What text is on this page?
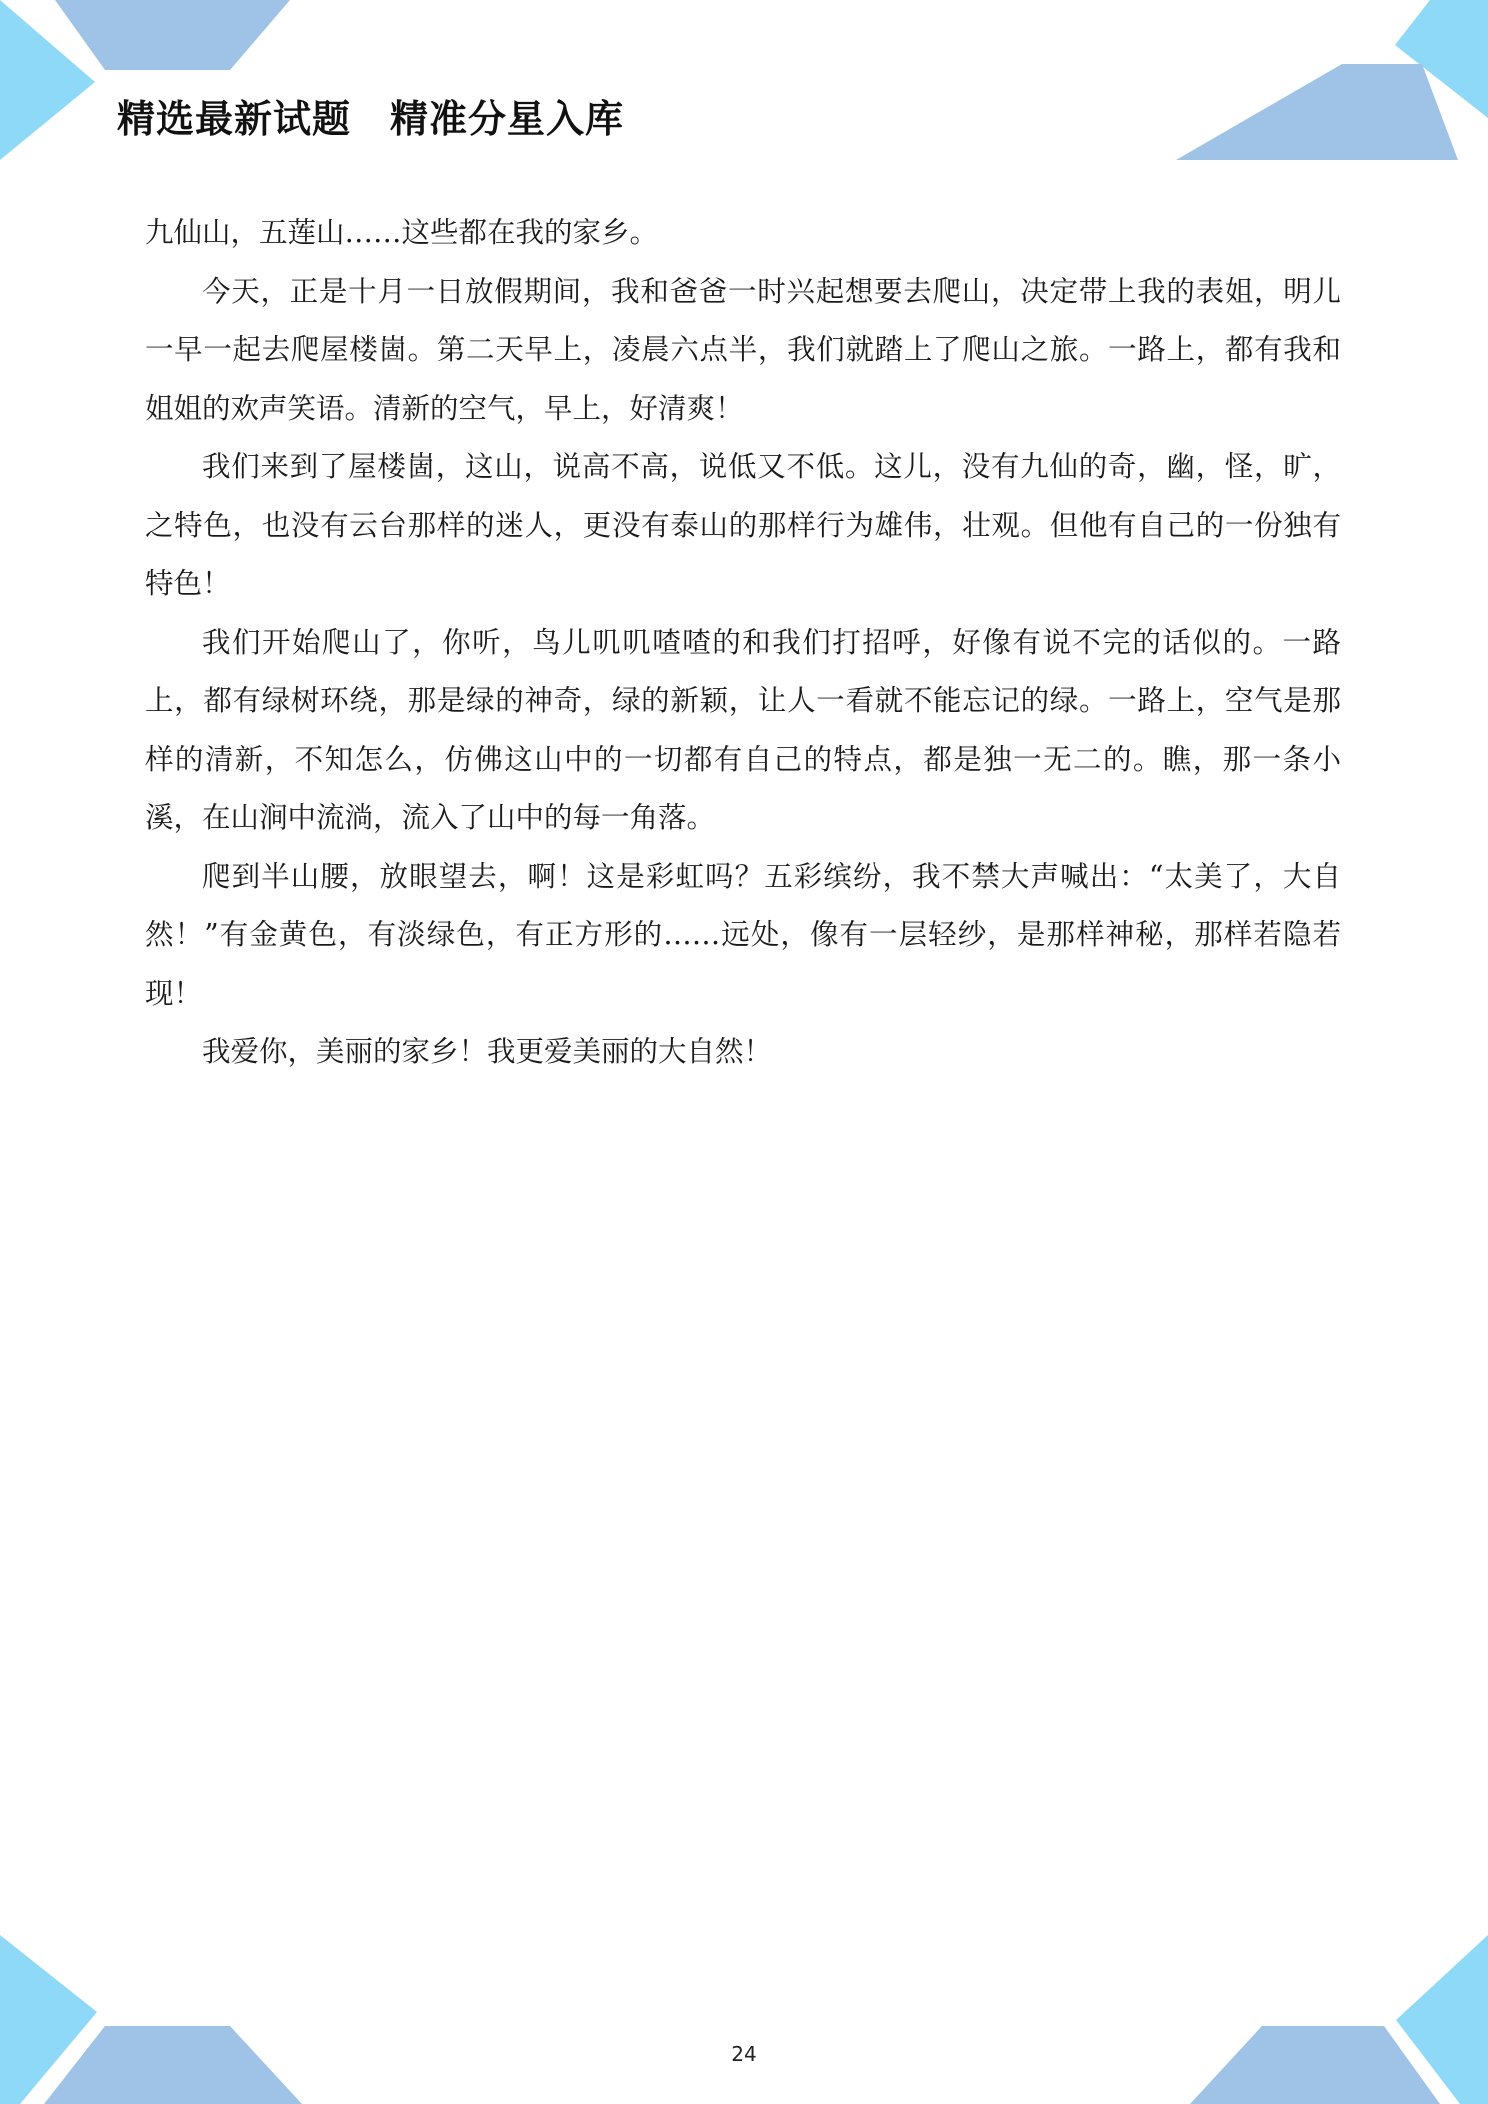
精选最新试题　精准分星入库

九仙山，五莲山……这些都在我的家乡。

今天，正是十月一日放假期间，我和爸爸一时兴起想要去爬山，决定带上我的表姐，明儿一早一起去爬屋楼崮。第二天早上，凌晨六点半，我们就踏上了爬山之旅。一路上，都有我和姐姐的欢声笑语。清新的空气，早上，好清爽！

我们来到了屋楼崮，这山，说高不高，说低又不低。这儿，没有九仙的奇，幽，怪，旷，之特色，也没有云台那样的迷人，更没有泰山的那样行为雄伟，壮观。但他有自己的一份独有特色！

我们开始爬山了，你听，鸟儿叽叽喳喳的和我们打招呼，好像有说不完的话似的。一路上，都有绿树环绕，那是绿的神奇，绿的新颖，让人一看就不能忘记的绿。一路上，空气是那样的清新，不知怎么，仿佛这山中的一切都有自己的特点，都是独一无二的。瞧，那一条小溪，在山涧中流淌，流入了山中的每一角落。

爬到半山腰，放眼望去，啊！这是彩虹吗？五彩缤纷，我不禁大声喊出：“太美了，大自然！”有金黄色，有淡绿色，有正方形的……远处，像有一层轻纱，是那样神秘，那样若隐若现！

我爱你，美丽的家乡！我更爱美丽的大自然！

24
